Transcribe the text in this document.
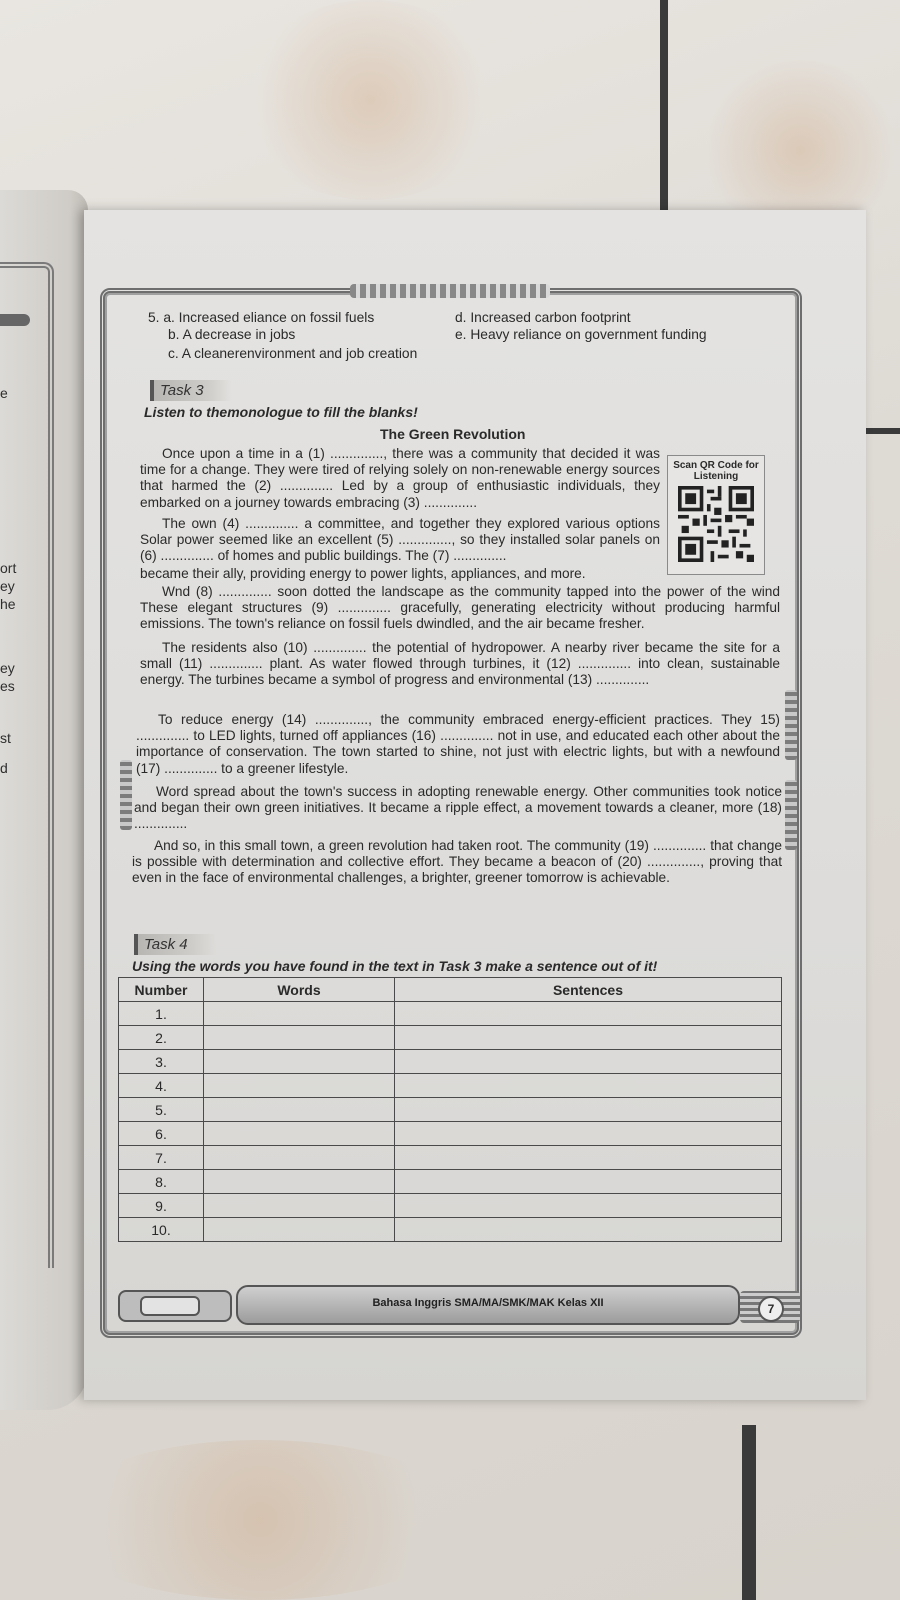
e
ort
ey
he
ey
es
st
d
5. a. Increased eliance on fossil fuels
b. A decrease in jobs
c. A cleanerenvironment and job creation
d. Increased carbon footprint
e. Heavy reliance on government funding
Task 3
Listen to themonologue to fill the blanks!
The Green Revolution

Once upon a time in a (1) .............., there was a community that decided it was time for a change. They were tired of relying solely on non-renewable energy sources that harmed the (2) .............. Led by a group of enthusiastic individuals, they embarked on a journey towards embracing (3) ..............

The own (4) .............. a committee, and together they explored various options Solar power seemed like an excellent (5) .............., so they installed solar panels on (6) .............. of homes and public buildings. The (7) ..............

became their ally, providing energy to power lights, appliances, and more.

Wnd (8) .............. soon dotted the landscape as the community tapped into the power of the wind These elegant structures (9) .............. gracefully, generating electricity without producing harmful emissions. The town's reliance on fossil fuels dwindled, and the air became fresher.

The residents also (10) .............. the potential of hydropower. A nearby river became the site for a small (11) .............. plant. As water flowed through turbines, it (12) .............. into clean, sustainable energy. The turbines became a symbol of progress and environmental (13) ..............

To reduce energy (14) .............., the community embraced energy-efficient practices. They 15) .............. to LED lights, turned off appliances (16) .............. not in use, and educated each other about the importance of conservation. The town started to shine, not just with electric lights, but with a newfound (17) .............. to a greener lifestyle.

Word spread about the town's success in adopting renewable energy. Other communities took notice and began their own green initiatives. It became a ripple effect, a movement towards a cleaner, more (18) ..............

And so, in this small town, a green revolution had taken root. The community (19) .............. that change is possible with determination and collective effort. They became a beacon of (20) .............., proving that even in the face of environmental challenges, a brighter, greener tomorrow is achievable.

Scan QR Code for Listening
Task 4
Using the words you have found in the text in Task 3 make a sentence out of it!
Number	Words	Sentences
1.		
2.		
3.		
4.		
5.		
6.		
7.		
8.		
9.		
10.		
Bahasa Inggris SMA/MA/SMK/MAK Kelas XII	7
